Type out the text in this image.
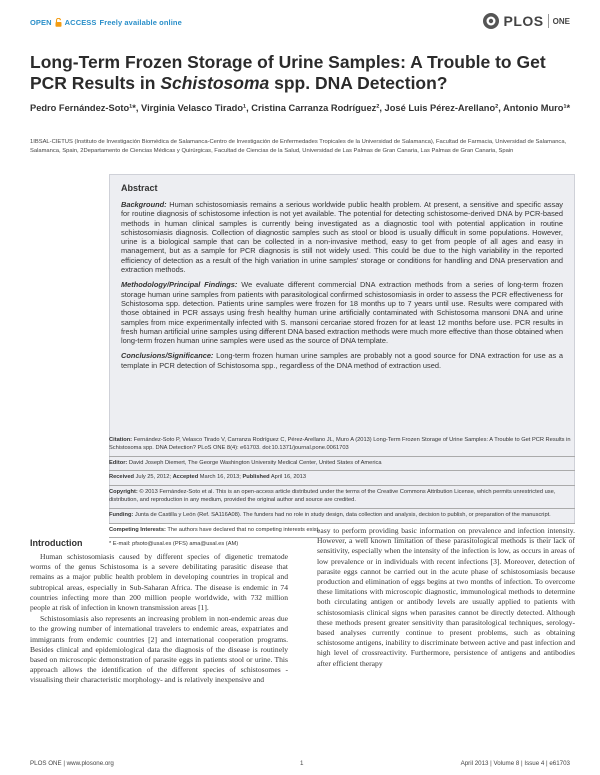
OPEN ACCESS Freely available online	PLOS ONE
Long-Term Frozen Storage of Urine Samples: A Trouble to Get PCR Results in Schistosoma spp. DNA Detection?
Pedro Fernández-Soto¹*, Virginia Velasco Tirado¹, Cristina Carranza Rodríguez², José Luis Pérez-Arellano², Antonio Muro¹*
1IBSAL-CIETUS (Instituto de Investigación Biomédica de Salamanca-Centro de Investigación de Enfermedades Tropicales de la Universidad de Salamanca), Facultad de Farmacia, Universidad de Salamanca, Salamanca, Spain, 2Departamento de Ciencias Médicas y Quirúrgicas, Facultad de Ciencias de la Salud, Universidad de Las Palmas de Gran Canaria, Las Palmas de Gran Canaria, Spain
Abstract

Background: Human schistosomiasis remains a serious worldwide public health problem. At present, a sensitive and specific assay for routine diagnosis of schistosome infection is not yet available. The potential for detecting schistosome-derived DNA by PCR-based methods in human clinical samples is currently being investigated as a diagnostic tool with potential application in routine schistosomiasis diagnosis. Collection of diagnostic samples such as stool or blood is usually difficult in some populations. However, urine is a biological sample that can be collected in a non-invasive method, easy to get from people of all ages and easy in management, but as a sample for PCR diagnosis is still not widely used. This could be due to the high variability in the reported efficiency of detection as a result of the high variation in urine samples' storage or conditions for handling and DNA preservation and extraction methods.

Methodology/Principal Findings: We evaluate different commercial DNA extraction methods from a series of long-term frozen storage human urine samples from patients with parasitological confirmed schistosomiasis in order to assess the PCR effectiveness for Schistosoma spp. detection. Patients urine samples were frozen for 18 months up to 7 years until use. Results were compared with those obtained in PCR assays using fresh healthy human urine artificially contaminated with Schistosoma mansoni DNA and urine samples from mice experimentally infected with S. mansoni cercariae stored frozen for at least 12 months before use. PCR results in fresh human artificial urine samples using different DNA based extraction methods were much more effective than those obtained when long-term frozen human urine samples were used as the source of DNA template.

Conclusions/Significance: Long-term frozen human urine samples are probably not a good source for DNA extraction for use as a template in PCR detection of Schistosoma spp., regardless of the DNA method of extraction used.

Citation: Fernández-Soto P, Velasco Tirado V, Carranza Rodríguez C, Pérez-Arellano JL, Muro A (2013) Long-Term Frozen Storage of Urine Samples: A Trouble to Get PCR Results in Schistosoma spp. DNA Detection? PLoS ONE 8(4): e61703. doi:10.1371/journal.pone.0061703
Editor: David Joseph Diemert, The George Washington University Medical Center, United States of America
Received July 25, 2012; Accepted March 16, 2013; Published April 16, 2013
Copyright: © 2013 Fernández-Soto et al. This is an open-access article distributed under the terms of the Creative Commons Attribution License, which permits unrestricted use, distribution, and reproduction in any medium, provided the original author and source are credited.
Funding: Junta de Castilla y León (Ref. SA116A08). The funders had no role in study design, data collection and analysis, decision to publish, or preparation of the manuscript.
Competing Interests: The authors have declared that no competing interests exist.
* E-mail: pfsoto@usal.es (PFS) ama@usal.es (AM)
Introduction

Human schistosomiasis caused by different species of digenetic trematode worms of the genus Schistosoma is a severe debilitating parasitic disease that remains as a major public health problem in developing countries in tropical and subtropical areas, especially in Sub-Saharan Africa. The disease is endemic in 74 countries infecting more than 200 million people worldwide, with 732 million people at risk of infection in known transmission areas [1].

Schistosomiasis also represents an increasing problem in non-endemic areas due to the growing number of international travelers to endemic areas, expatriates and immigrants from endemic countries [2] and international cooperation programs. Besides clinical and epidemiological data the diagnosis of the disease is routinely based on microscopic demonstration of parasite eggs in patients stool or urine. This approach allows the identification of the different species of schistosomes -visualising their characteristic morphology- and is relatively inexpensive and

easy to perform providing basic information on prevalence and infection intensity. However, a well known limitation of these parasitological methods is their lack of sensitivity, especially when the intensity of the infection is low, as occurs in areas of low prevalence or in individuals with recent infections [3]. Moreover, detection of parasite eggs cannot be carried out in the acute phase of schistosomiasis because production and elimination of eggs begins at two months of infection. To overcome these limitations with microscopic diagnostic, immunological methods to determine both circulating antigen or antibody levels are usually applied to patients with schistosomiasis clinical signs when parasites cannot be directly detected. Although these methods present greater sensitivity than parasitological techniques, serology-based analyses currently continue to present problems, such as obtaining schistosome antigens, inability to discriminate between active and past infection and high level of crossreactivity. Furthermore, persistence of antigens and antibodies after efficient therapy

PLOS ONE | www.plosone.org	1	April 2013 | Volume 8 | Issue 4 | e61703
